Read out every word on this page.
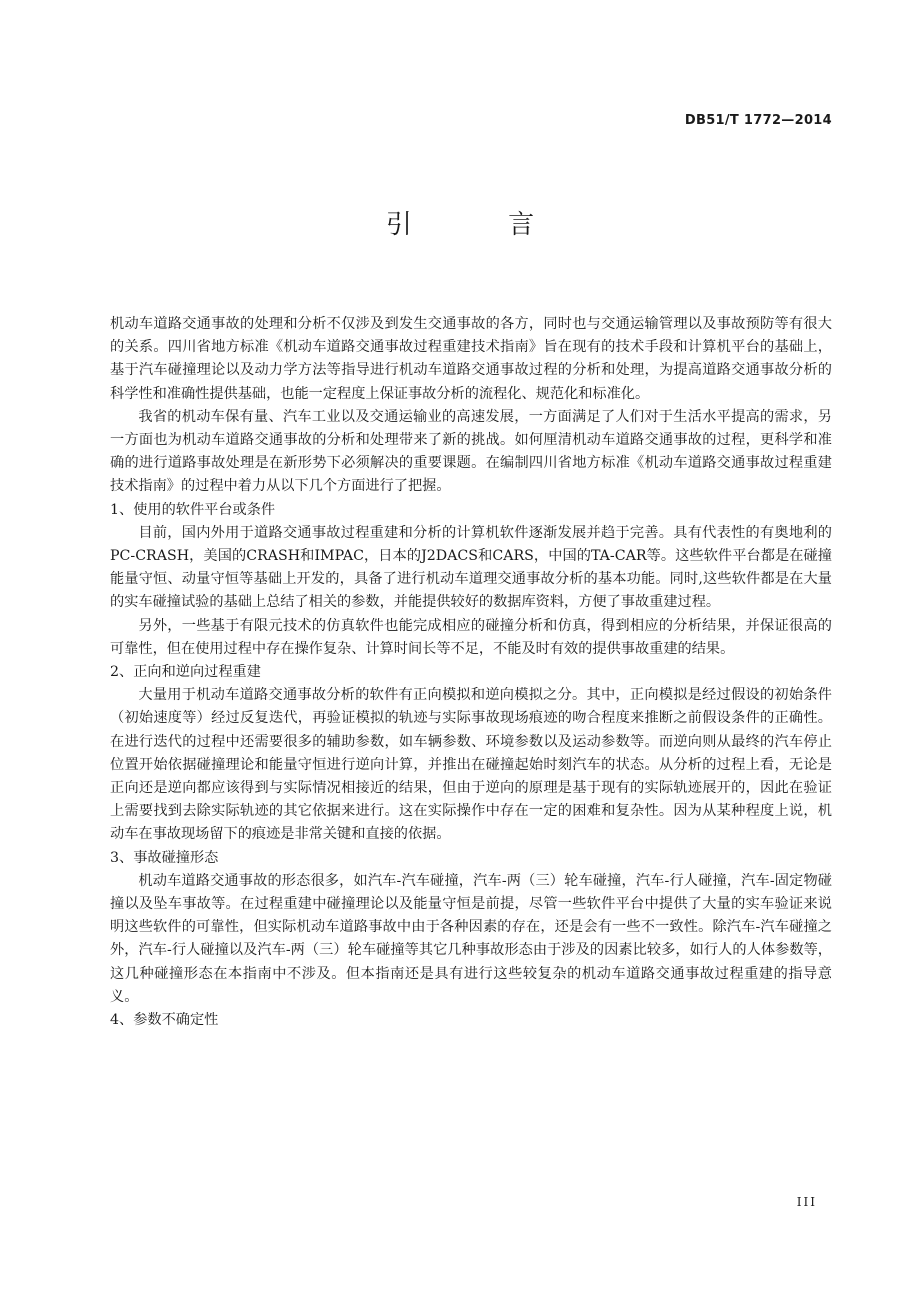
DB51/T 1772—2014
引 言

机动车道路交通事故的处理和分析不仅涉及到发生交通事故的各方，同时也与交通运输管理以及事故预防等有很大的关系。四川省地方标准《机动车道路交通事故过程重建技术指南》旨在现有的技术手段和计算机平台的基础上，基于汽车碰撞理论以及动力学方法等指导进行机动车道路交通事故过程的分析和处理，为提高道路交通事故分析的科学性和准确性提供基础，也能一定程度上保证事故分析的流程化、规范化和标准化。

我省的机动车保有量、汽车工业以及交通运输业的高速发展，一方面满足了人们对于生活水平提高的需求，另一方面也为机动车道路交通事故的分析和处理带来了新的挑战。如何厘清机动车道路交通事故的过程，更科学和准确的进行道路事故处理是在新形势下必须解决的重要课题。在编制四川省地方标准《机动车道路交通事故过程重建技术指南》的过程中着力从以下几个方面进行了把握。

1、使用的软件平台或条件

目前，国内外用于道路交通事故过程重建和分析的计算机软件逐渐发展并趋于完善。具有代表性的有奥地利的PC-CRASH，美国的CRASH和IMPAC，日本的J2DACS和CARS，中国的TA-CAR等。这些软件平台都是在碰撞能量守恒、动量守恒等基础上开发的，具备了进行机动车道理交通事故分析的基本功能。同时,这些软件都是在大量的实车碰撞试验的基础上总结了相关的参数，并能提供较好的数据库资料，方便了事故重建过程。

另外，一些基于有限元技术的仿真软件也能完成相应的碰撞分析和仿真，得到相应的分析结果，并保证很高的可靠性，但在使用过程中存在操作复杂、计算时间长等不足，不能及时有效的提供事故重建的结果。

2、正向和逆向过程重建

大量用于机动车道路交通事故分析的软件有正向模拟和逆向模拟之分。其中，正向模拟是经过假设的初始条件（初始速度等）经过反复迭代，再验证模拟的轨迹与实际事故现场痕迹的吻合程度来推断之前假设条件的正确性。在进行迭代的过程中还需要很多的辅助参数，如车辆参数、环境参数以及运动参数等。而逆向则从最终的汽车停止位置开始依据碰撞理论和能量守恒进行逆向计算，并推出在碰撞起始时刻汽车的状态。从分析的过程上看，无论是正向还是逆向都应该得到与实际情况相接近的结果，但由于逆向的原理是基于现有的实际轨迹展开的，因此在验证上需要找到去除实际轨迹的其它依据来进行。这在实际操作中存在一定的困难和复杂性。因为从某种程度上说，机动车在事故现场留下的痕迹是非常关键和直接的依据。

3、事故碰撞形态

机动车道路交通事故的形态很多，如汽车-汽车碰撞，汽车-两（三）轮车碰撞，汽车-行人碰撞，汽车-固定物碰撞以及坠车事故等。在过程重建中碰撞理论以及能量守恒是前提，尽管一些软件平台中提供了大量的实车验证来说明这些软件的可靠性，但实际机动车道路事故中由于各种因素的存在，还是会有一些不一致性。除汽车-汽车碰撞之外，汽车-行人碰撞以及汽车-两（三）轮车碰撞等其它几种事故形态由于涉及的因素比较多，如行人的人体参数等，这几种碰撞形态在本指南中不涉及。但本指南还是具有进行这些较复杂的机动车道路交通事故过程重建的指导意义。

4、参数不确定性

III
